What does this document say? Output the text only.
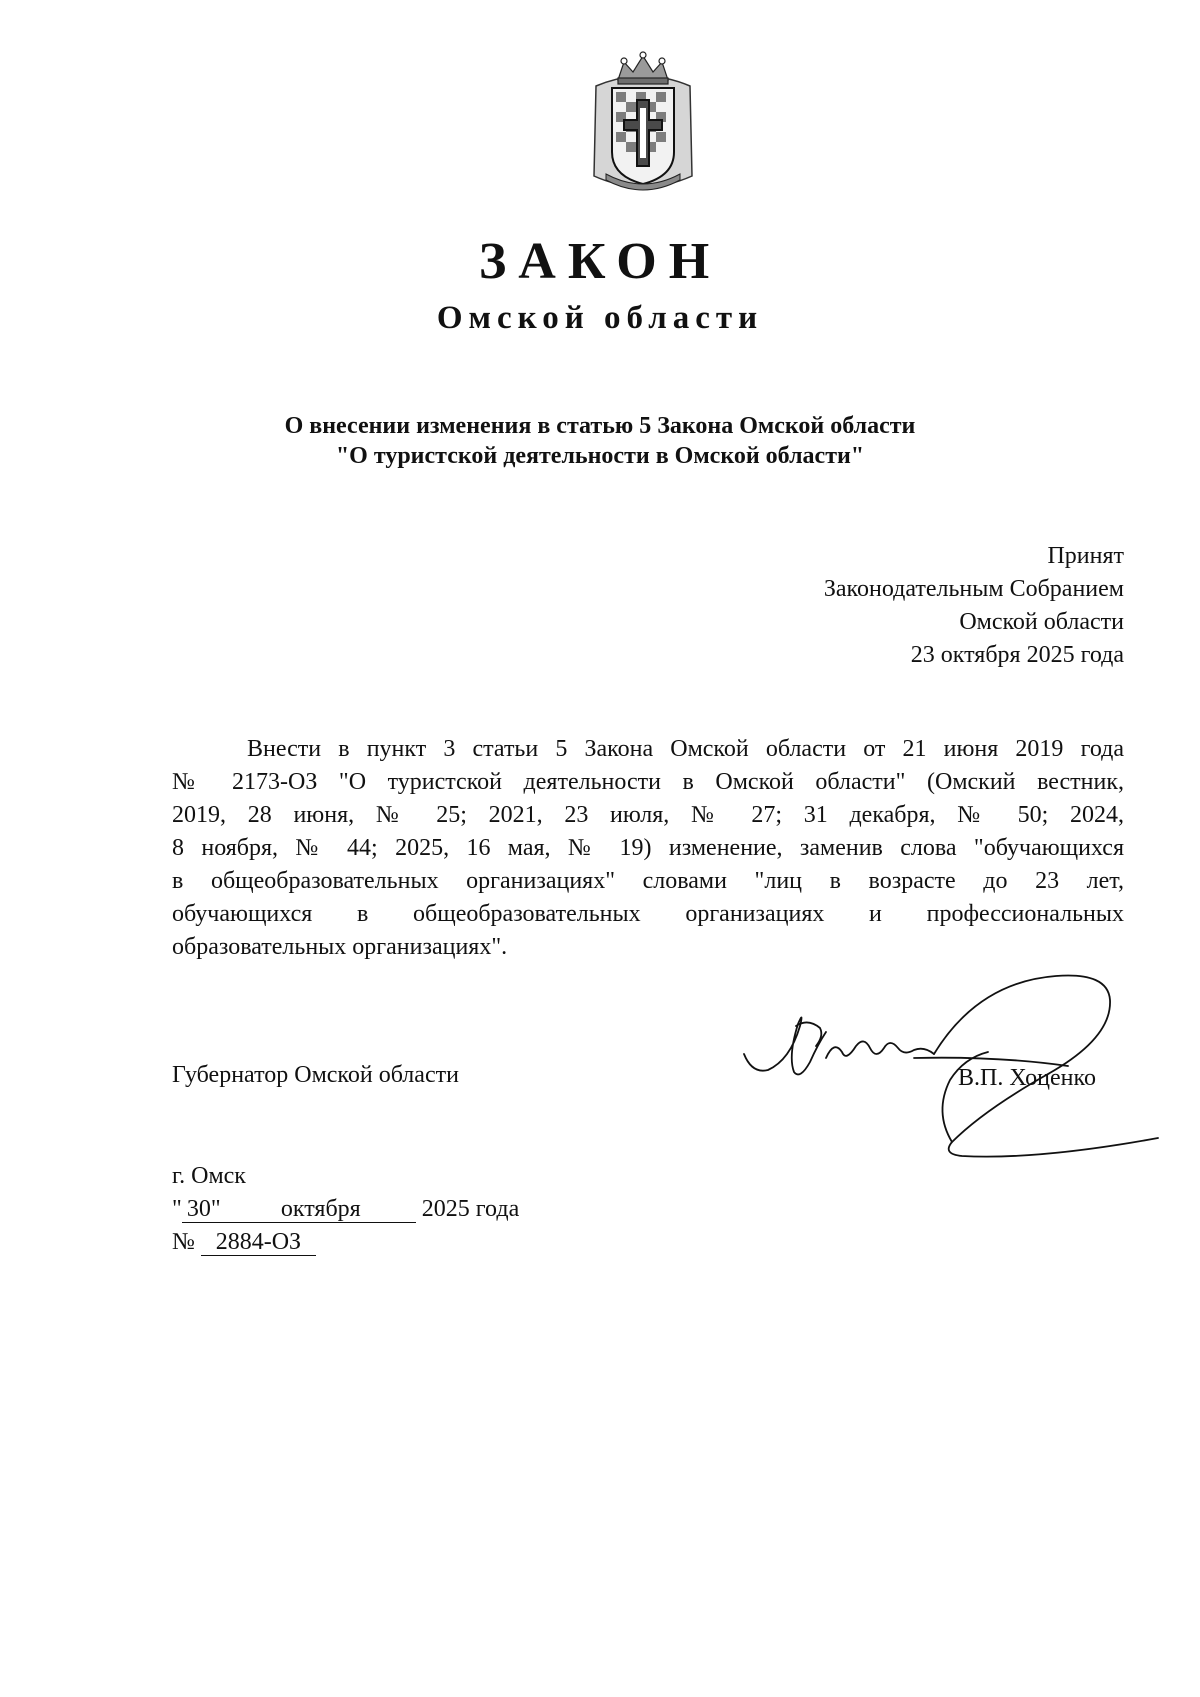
ЗАКОН
Омской области
О внесении изменения в статью 5 Закона Омской области
"О туристской деятельности в Омской области"
Принят
Законодательным Собранием
Омской области
23 октября 2025 года
Внести в пункт 3 статьи 5 Закона Омской области от 21 июня 2019 года
№ 2173-ОЗ "О туристской деятельности в Омской области" (Омский вестник,
2019, 28 июня, № 25; 2021, 23 июля, № 27; 31 декабря, № 50; 2024,
8 ноября, № 44; 2025, 16 мая, № 19) изменение, заменив слова "обучающихся
в общеобразовательных организациях" словами "лиц в возрасте до 23 лет,
обучающихся в общеобразовательных организациях и профессиональных
образовательных организациях".
Губернатор Омской области	В.П. Хоценко
г. Омск
" 30"	октября	2025 года
№ 2884-ОЗ
